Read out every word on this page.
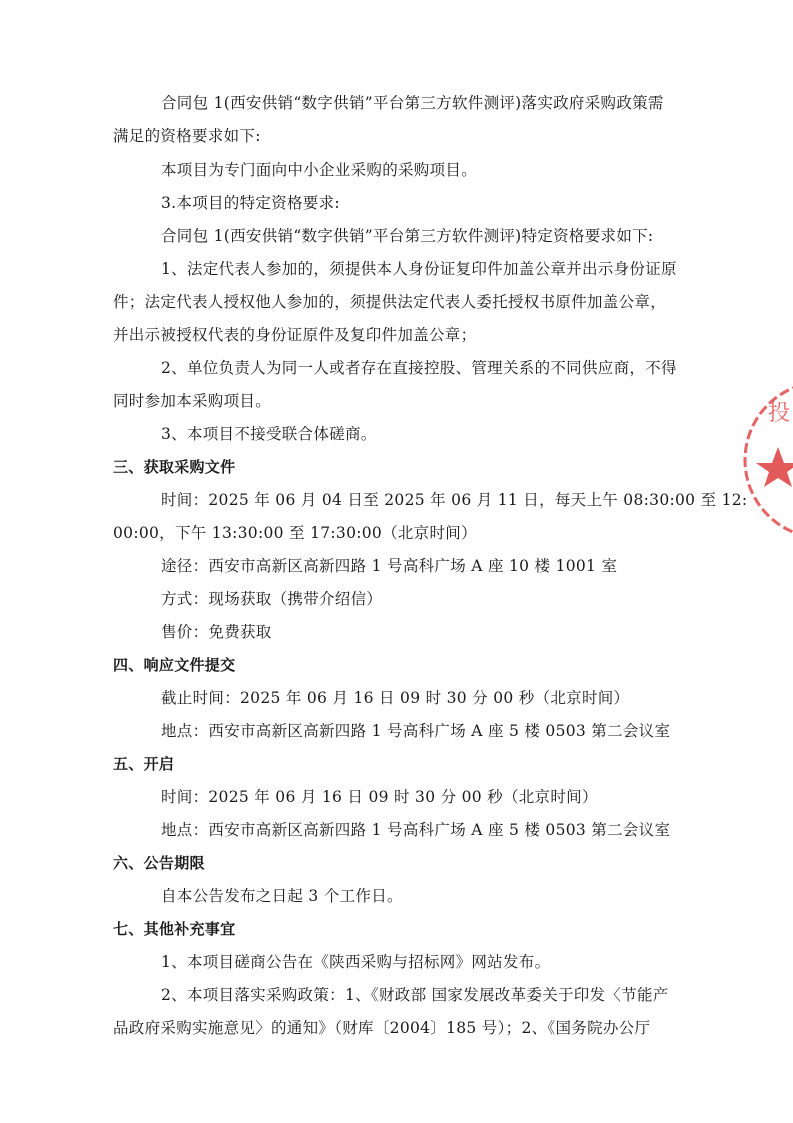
合同包 1(西安供销“数字供销”平台第三方软件测评)落实政府采购政策需
满足的资格要求如下:
本项目为专门面向中小企业采购的采购项目。
3.本项目的特定资格要求:
合同包 1(西安供销“数字供销”平台第三方软件测评)特定资格要求如下:
1、法定代表人参加的，须提供本人身份证复印件加盖公章并出示身份证原
件；法定代表人授权他人参加的，须提供法定代表人委托授权书原件加盖公章，
并出示被授权代表的身份证原件及复印件加盖公章；
2、单位负责人为同一人或者存在直接控股、管理关系的不同供应商，不得
同时参加本采购项目。
3、本项目不接受联合体磋商。
三、获取采购文件
时间：2025 年 06 月 04 日至 2025 年 06 月 11 日，每天上午 08:30:00 至 12:
00:00，下午 13:30:00 至 17:30:00（北京时间）
途径：西安市高新区高新四路 1 号高科广场 A 座 10 楼 1001 室
方式：现场获取（携带介绍信）
售价：免费获取
四、响应文件提交
截止时间：2025 年 06 月 16 日 09 时 30 分 00 秒（北京时间）
地点：西安市高新区高新四路 1 号高科广场 A 座 5 楼 0503 第二会议室
五、开启
时间：2025 年 06 月 16 日 09 时 30 分 00 秒（北京时间）
地点：西安市高新区高新四路 1 号高科广场 A 座 5 楼 0503 第二会议室
六、公告期限
自本公告发布之日起 3 个工作日。
七、其他补充事宜
1、本项目磋商公告在《陕西采购与招标网》网站发布。
2、本项目落实采购政策：1、《财政部 国家发展改革委关于印发〈节能产
品政府采购实施意见〉的通知》（财库〔2004〕185 号）；2、《国务院办公厅
投
